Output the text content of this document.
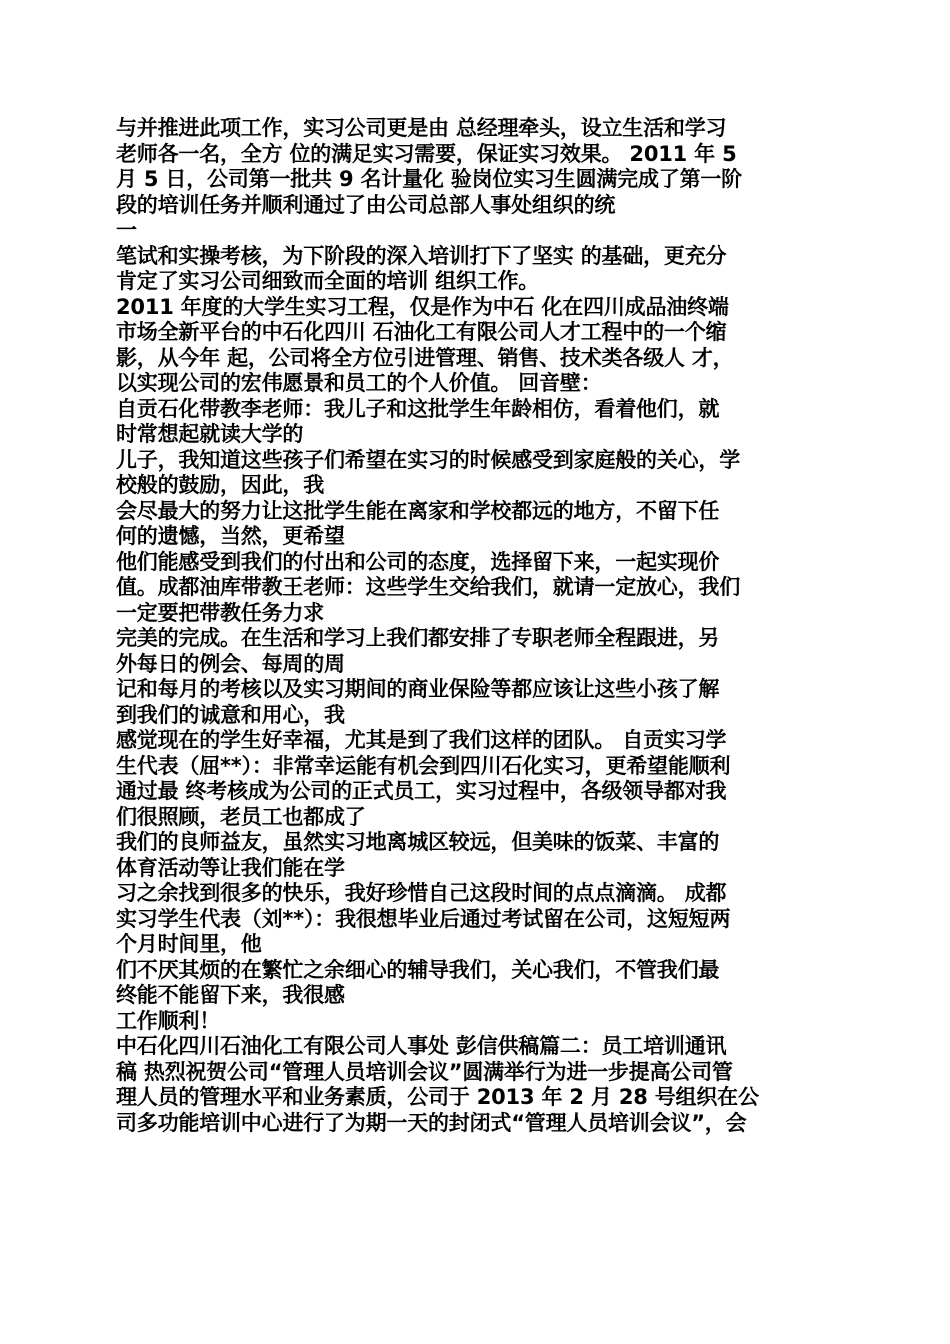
与并推进此项工作，实习公司更是由 总经理牵头，设立生活和学习
老师各一名，全方 位的满足实习需要，保证实习效果。 2011 年 5
月 5 日，公司第一批共 9 名计量化 验岗位实习生圆满完成了第一阶
段的培训任务并顺利通过了由公司总部人事处组织的统
一
笔试和实操考核，为下阶段的深入培训打下了坚实 的基础，更充分
肯定了实习公司细致而全面的培训 组织工作。
2011 年度的大学生实习工程，仅是作为中石 化在四川成品油终端
市场全新平台的中石化四川 石油化工有限公司人才工程中的一个缩
影，从今年 起，公司将全方位引进管理、销售、技术类各级人 才，
以实现公司的宏伟愿景和员工的个人价值。 回音壁：
自贡石化带教李老师：我儿子和这批学生年龄相仿，看着他们，就
时常想起就读大学的
儿子，我知道这些孩子们希望在实习的时候感受到家庭般的关心，学
校般的鼓励，因此，我
会尽最大的努力让这批学生能在离家和学校都远的地方，不留下任
何的遗憾，当然，更希望
他们能感受到我们的付出和公司的态度，选择留下来，一起实现价
值。成都油库带教王老师：这些学生交给我们，就请一定放心，我们
一定要把带教任务力求
完美的完成。在生活和学习上我们都安排了专职老师全程跟进，另
外每日的例会、每周的周
记和每月的考核以及实习期间的商业保险等都应该让这些小孩了解
到我们的诚意和用心，我
感觉现在的学生好幸福，尤其是到了我们这样的团队。 自贡实习学
生代表（屈**）：非常幸运能有机会到四川石化实习，更希望能顺利
通过最 终考核成为公司的正式员工，实习过程中，各级领导都对我
们很照顾，老员工也都成了
我们的良师益友，虽然实习地离城区较远，但美味的饭菜、丰富的
体育活动等让我们能在学
习之余找到很多的快乐，我好珍惜自己这段时间的点点滴滴。 成都
实习学生代表（刘**）：我很想毕业后通过考试留在公司，这短短两
个月时间里，他
们不厌其烦的在繁忙之余细心的辅导我们，关心我们，不管我们最
终能不能留下来，我很感
工作顺利！
中石化四川石油化工有限公司人事处 彭信供稿篇二：员工培训通讯
稿 热烈祝贺公司“管理人员培训会议”圆满举行为进一步提高公司管
理人员的管理水平和业务素质，公司于 2013 年 2 月 28 号组织在公
司多功能培训中心进行了为期一天的封闭式“管理人员培训会议”，会
